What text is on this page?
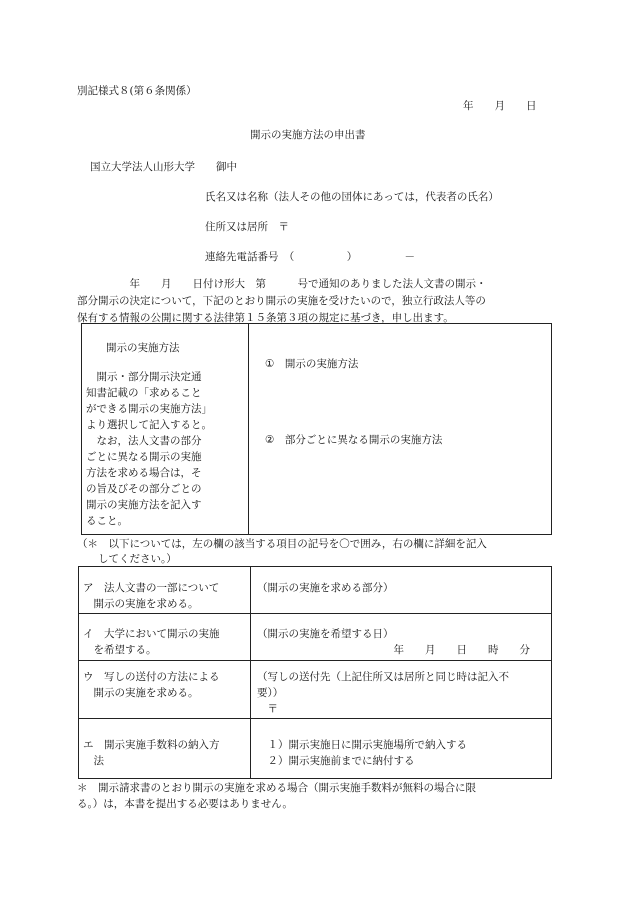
別記様式８(第６条関係）
年　　月　　日
開示の実施方法の申出書
国立大学法人山形大学　　御中
氏名又は名称（法人その他の団体にあっては，代表者の氏名）
住所又は居所　〒
連絡先電話番号　（　　　　　）　　　　　－
　　　　　年　　月　　日付け形大　第　　　号で通知のありました法人文書の開示・
部分開示の決定について，下記のとおり開示の実施を受けたいので，独立行政法人等の
保有する情報の公開に関する法律第１５条第３項の規定に基づき，申し出ます。
開示の実施方法
　開示・部分開示決定通
知書記載の「求めること
ができる開示の実施方法」
より選択して記入すると。
　なお，法人文書の部分
ごとに異なる開示の実施
方法を求める場合は，そ
の旨及びその部分ごとの
開示の実施方法を記入す
ること。

①　開示の実施方法
②　部分ごとに異なる開示の実施方法
（＊　以下については，左の欄の該当する項目の記号を〇で囲み，右の欄に詳細を記入
　　してください。）
ア　法人文書の一部について
　開示の実施を求める。	（開示の実施を求める部分）

イ　大学において開示の実施
　を希望する。	（開示の実施を希望する日）
　　　　　　　　　　　　　年　　月　　日　　時　　分

ウ　写しの送付の方法による
　開示の実施を求める。	（写しの送付先（上記住所又は居所と同じ時は記入不
要））
　〒

エ　開示実施手数料の納入方
　法	　１）開示実施日に開示実施場所で納入する
　２）開示実施前までに納付する
＊　開示請求書のとおり開示の実施を求める場合（開示実施手数料が無料の場合に限
る。）は，本書を提出する必要はありません。
